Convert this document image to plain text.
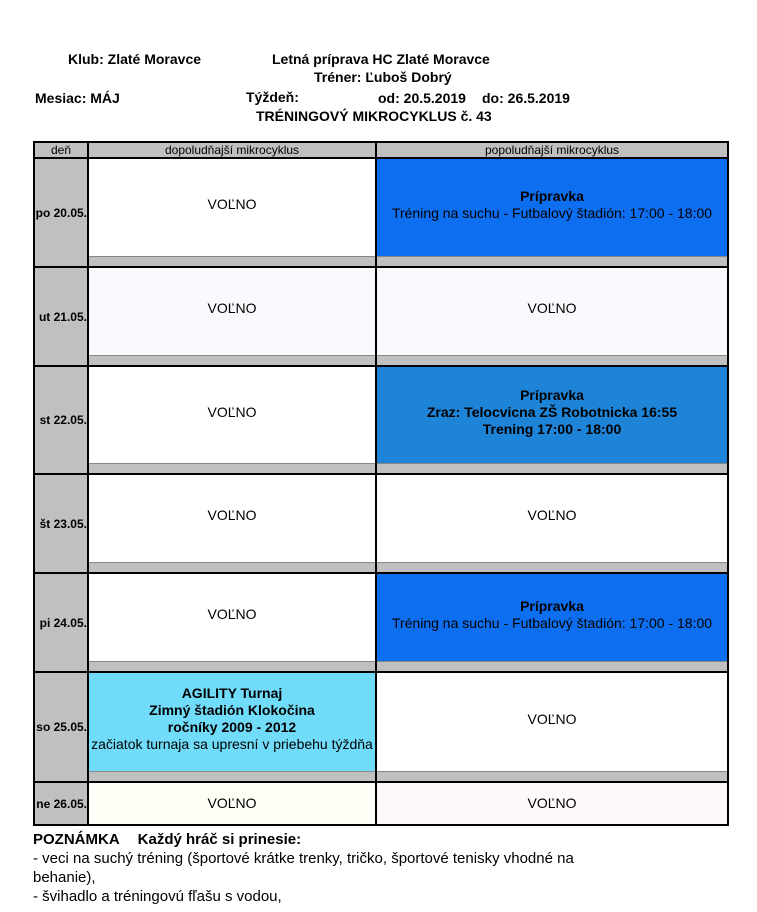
Klub: Zlaté Moravce	Letná príprava HC Zlaté Moravce
Tréner: Ľuboš Dobrý
Mesiac: MÁJ	Týždeň:	od: 20.5.2019 do: 26.5.2019
TRÉNINGOVÝ MIKROCYKLUS č. 43
deň	dopoludňajší mikrocyklus	popoludňajší mikrocyklus
po 20.05.	VOĽNO	Prípravka
Tréning na suchu - Futbalový štadión: 17:00 - 18:00

ut 21.05.	VOĽNO	VOĽNO

st 22.05.	VOĽNO	Prípravka
Zraz: Telocvicna ZŠ Robotnicka 16:55
Trening 17:00 - 18:00

št 23.05.	VOĽNO	VOĽNO

pi 24.05.	VOĽNO	Prípravka
Tréning na suchu - Futbalový štadión: 17:00 - 18:00

so 25.05.	AGILITY Turnaj
Zimný štadión Klokočina
ročníky 2009 - 2012
začiatok turnaja sa upresní v priebehu týždňa	VOĽNO

ne 26.05.	VOĽNO	VOĽNO
POZNÁMKA Každý hráč si prinesie:
- veci na suchý tréning (športové krátke trenky, tričko, športové tenisky vhodné na
behanie),
- švihadlo a tréningovú fľašu s vodou,
